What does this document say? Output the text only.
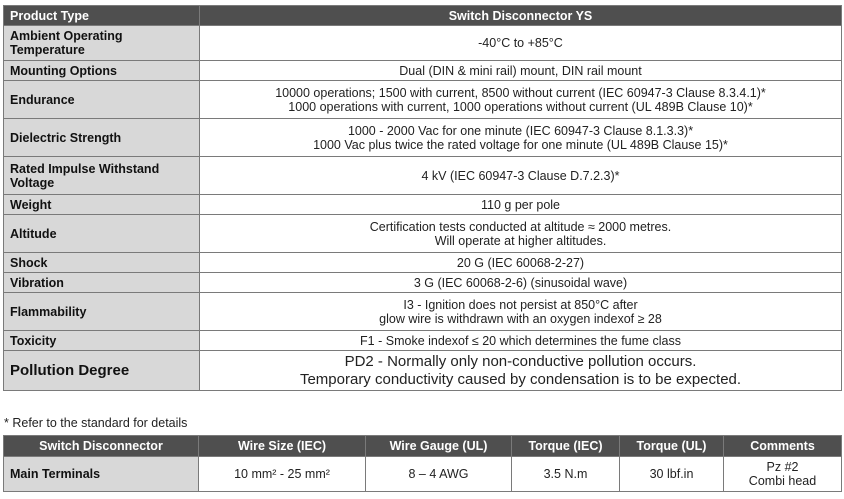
Product Type	Switch Disconnector YS
Ambient Operating Temperature	-40°C to +85°C

Mounting Options	Dual (DIN & mini rail) mount, DIN rail mount

Endurance	10000 operations; 1500 with current, 8500 without current (IEC 60947-3 Clause 8.3.4.1)*
1000 operations with current, 1000 operations without current (UL 489B Clause 10)*

Dielectric Strength	1000 - 2000 Vac for one minute (IEC 60947-3 Clause 8.1.3.3)*
1000 Vac plus twice the rated voltage for one minute (UL 489B Clause 15)*

Rated Impulse Withstand Voltage	4 kV (IEC 60947-3 Clause D.7.2.3)*

Weight	110 g per pole

Altitude	Certification tests conducted at altitude ≈ 2000 metres.
Will operate at higher altitudes.

Shock	20 G (IEC 60068-2-27)

Vibration	3 G (IEC 60068-2-6) (sinusoidal wave)

Flammability	I3 - Ignition does not persist at 850°C after
glow wire is withdrawn with an oxygen indexof ≥ 28

Toxicity	F1 - Smoke indexof ≤ 20 which determines the fume class

Pollution Degree	PD2 - Normally only non-conductive pollution occurs.
Temporary conductivity caused by condensation is to be expected.
* Refer to the standard for details
Switch Disconnector	Wire Size (IEC)	Wire Gauge (UL)	Torque (IEC)	Torque (UL)	Comments
Main Terminals	10 mm² - 25 mm²	8 – 4 AWG	3.5 N.m	30 lbf.in	Pz #2
Combi head
